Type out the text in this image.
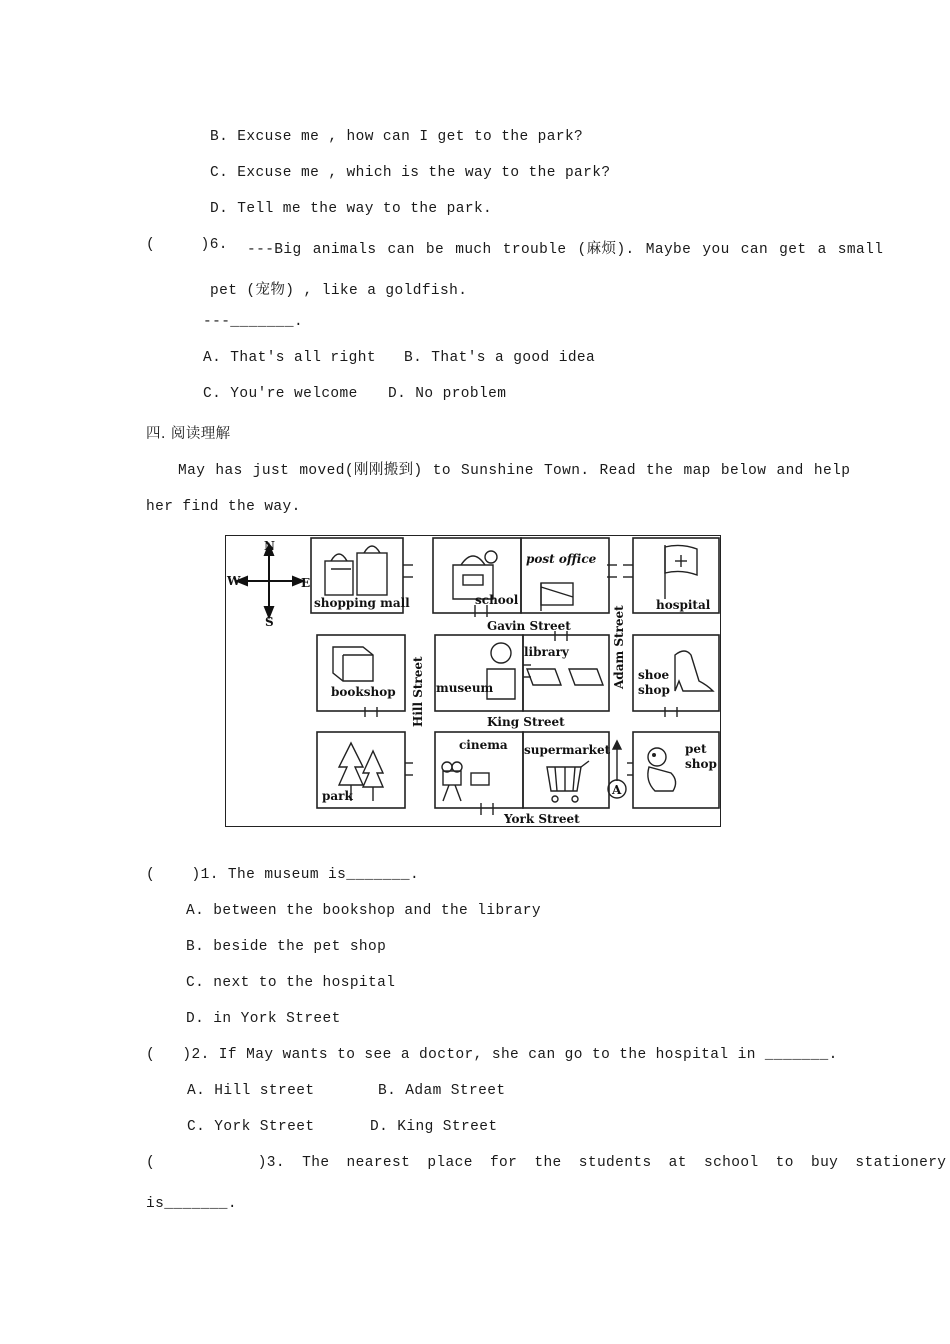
B. Excuse me , how can I get to the park?
C. Excuse me , which is the way to the park?
D. Tell me the way to the park.
(     )6. ---Big animals can be much trouble (麻烦). Maybe you can get a small
pet (宠物) , like a goldfish.
---_______.
A. That's all right B. That's a good idea
C. You're welcome D. No problem
四. 阅读理解
May has just moved(刚刚搬到) to Sunshine Town. Read the map below and help
her find the way.
N
S
W	E
shopping mall	school
post office
hospital
Gavin Street
bookshop Hill Street museum
library	Adam Street shoe
shop
King Street
park
cinema supermarket
A
pet
shop
York Street
(    )1. The museum is_______.
A. between the bookshop and the library
B. beside the pet shop
C. next to the hospital
D. in York Street
(   )2. If May wants to see a doctor, she can go to the hospital in _______.
A. Hill street	B. Adam Street
C. York Street	D. King Street
(      )3. The nearest place for the students at school to buy stationery
is_______.
